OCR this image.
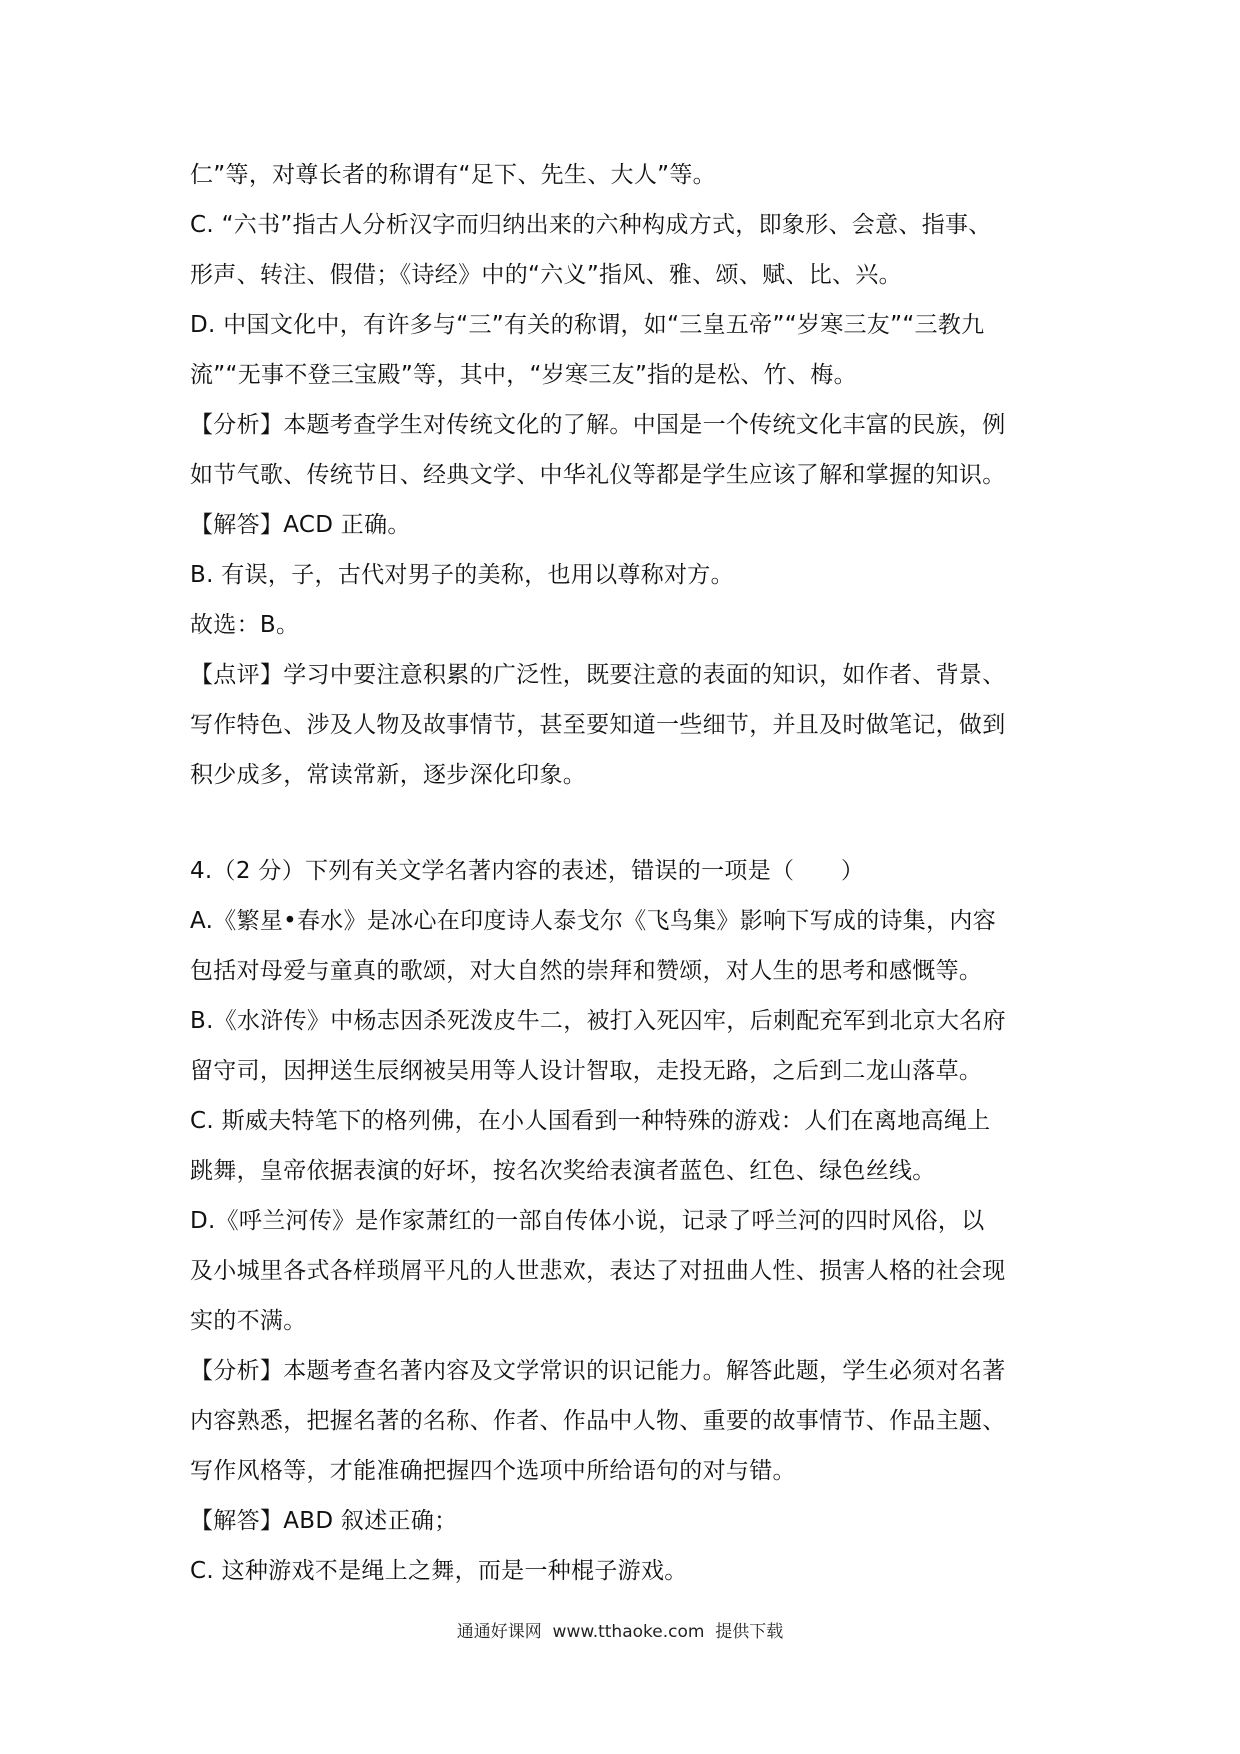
仁”等，对尊长者的称谓有“足下、先生、大人”等。
C. “六书”指古人分析汉字而归纳出来的六种构成方式，即象形、会意、指事、
形声、转注、假借；《诗经》中的“六义”指风、雅、颂、赋、比、兴。
D. 中国文化中，有许多与“三”有关的称谓，如“三皇五帝”“岁寒三友”“三教九
流”“无事不登三宝殿”等，其中，“岁寒三友”指的是松、竹、梅。
【分析】本题考查学生对传统文化的了解。中国是一个传统文化丰富的民族，例
如节气歌、传统节日、经典文学、中华礼仪等都是学生应该了解和掌握的知识。
【解答】ACD 正确。
B. 有误，子，古代对男子的美称，也用以尊称对方。
故选：B。
【点评】学习中要注意积累的广泛性，既要注意的表面的知识，如作者、背景、
写作特色、涉及人物及故事情节，甚至要知道一些细节，并且及时做笔记，做到
积少成多，常读常新，逐步深化印象。
4.（2 分）下列有关文学名著内容的表述，错误的一项是（　　）
A.《繁星•春水》是冰心在印度诗人泰戈尔《飞鸟集》影响下写成的诗集，内容
包括对母爱与童真的歌颂，对大自然的崇拜和赞颂，对人生的思考和感慨等。
B.《水浒传》中杨志因杀死泼皮牛二，被打入死囚牢，后刺配充军到北京大名府
留守司，因押送生辰纲被吴用等人设计智取，走投无路，之后到二龙山落草。
C. 斯威夫特笔下的格列佛，在小人国看到一种特殊的游戏：人们在离地高绳上
跳舞，皇帝依据表演的好坏，按名次奖给表演者蓝色、红色、绿色丝线。
D.《呼兰河传》是作家萧红的一部自传体小说，记录了呼兰河的四时风俗，以
及小城里各式各样琐屑平凡的人世悲欢，表达了对扭曲人性、损害人格的社会现
实的不满。
【分析】本题考查名著内容及文学常识的识记能力。解答此题，学生必须对名著
内容熟悉，把握名著的名称、作者、作品中人物、重要的故事情节、作品主题、
写作风格等，才能准确把握四个选项中所给语句的对与错。
【解答】ABD 叙述正确；
C. 这种游戏不是绳上之舞，而是一种棍子游戏。
通通好课网  www.tthaoke.com  提供下载
